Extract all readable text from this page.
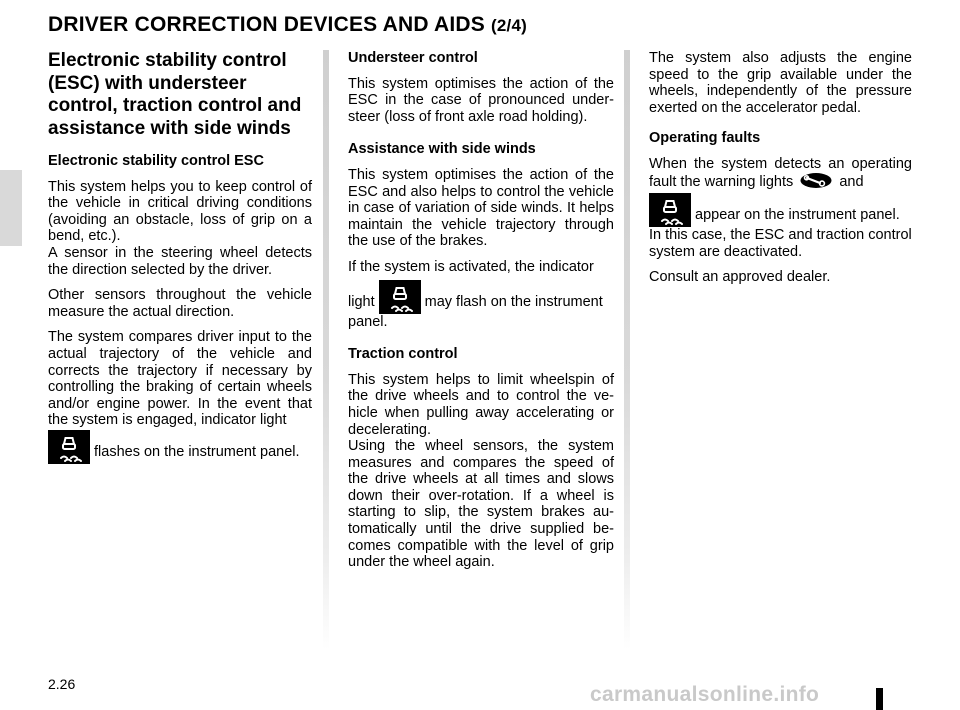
DRIVER CORRECTION DEVICES AND AIDS (2/4)
Electronic stability control (ESC) with understeer control, traction control and assistance with side winds
Electronic stability control ESC

This system helps you to keep control of the vehicle in critical driving conditions (avoiding an obstacle, loss of grip on a bend, etc.).

A sensor in the steering wheel detects the direction selected by the driver.

Other sensors throughout the vehicle measure the actual direction.

The system compares driver input to the actual trajectory of the vehicle and corrects the trajectory if necessary by controlling the braking of certain wheels and/or engine power. In the event that the system is engaged, indicator light

flashes on the instrument panel.

Understeer control

This system optimises the action of the ESC in the case of pronounced understeer (loss of front axle road holding).

Assistance with side winds

This system optimises the action of the ESC and also helps to control the vehicle in case of variation of side winds. It helps maintain the vehicle trajectory through the use of the brakes.

If the system is activated, the indicator

light	may flash on the instrument panel.

Traction control

This system helps to limit wheelspin of the drive wheels and to control the vehicle when pulling away accelerating or decelerating.

Using the wheel sensors, the system measures and compares the speed of the drive wheels at all times and slows down their over-rotation. If a wheel is starting to slip, the system brakes automatically until the drive supplied becomes compatible with the level of grip under the wheel again.

The system also adjusts the engine speed to the grip available under the wheels, independently of the pressure exerted on the accelerator pedal.

Operating faults

When the system detects an operating fault the warning lights	and

appear on the instrument panel. In this case, the ESC and traction control system are deactivated.

Consult an approved dealer.

2.26	carmanualsonline.info
